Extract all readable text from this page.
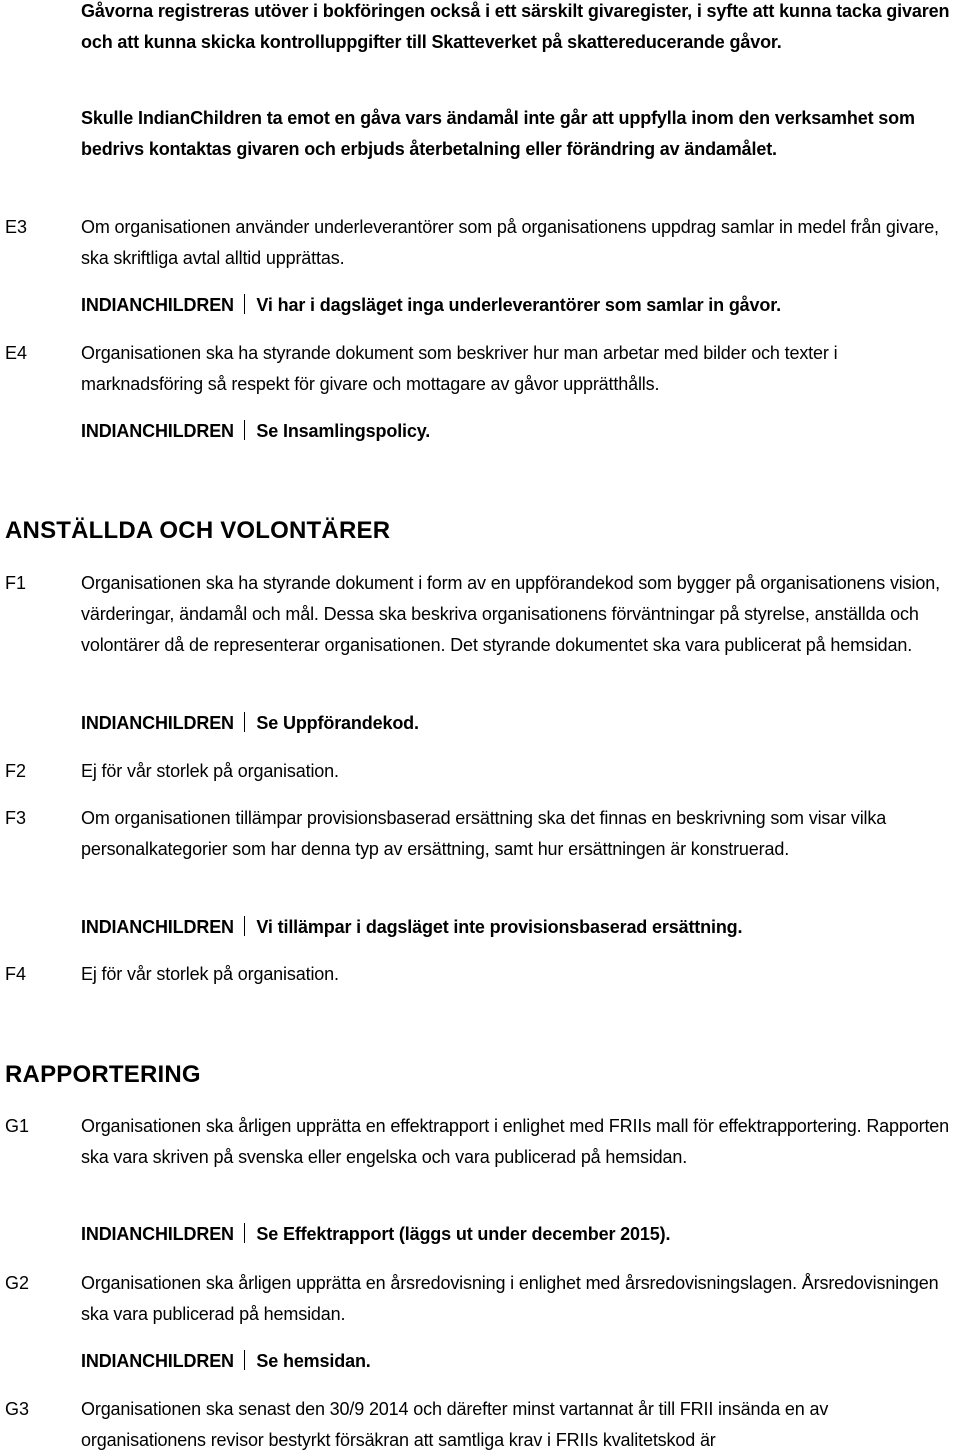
Gåvorna registreras utöver i bokföringen också i ett särskilt givaregister, i syfte att kunna tacka givaren och att kunna skicka kontrolluppgifter till Skatteverket på skattereducerande gåvor.

Skulle IndianChildren ta emot en gåva vars ändamål inte går att uppfylla inom den verksamhet som bedrivs kontaktas givaren och erbjuds återbetalning eller förändring av ändamålet.

E3	Om organisationen använder underleverantörer som på organisationens uppdrag samlar in medel från givare, ska skriftliga avtal alltid upprättas.

INDIANCHILDREN Vi har i dagsläget inga underleverantörer som samlar in gåvor.

E4	Organisationen ska ha styrande dokument som beskriver hur man arbetar med bilder och texter i marknadsföring så respekt för givare och mottagare av gåvor upprätthålls.

INDIANCHILDREN Se Insamlingspolicy.

ANSTÄLLDA OCH VOLONTÄRER

F1	Organisationen ska ha styrande dokument i form av en uppförandekod som bygger på organisationens vision, värderingar, ändamål och mål. Dessa ska beskriva organisationens förväntningar på styrelse, anställda och volontärer då de representerar organisationen. Det styrande dokumentet ska vara publicerat på hemsidan.

INDIANCHILDREN Se Uppförandekod.

F2	Ej för vår storlek på organisation.

F3	Om organisationen tillämpar provisionsbaserad ersättning ska det finnas en beskrivning som visar vilka personalkategorier som har denna typ av ersättning, samt hur ersättningen är konstruerad.

INDIANCHILDREN Vi tillämpar i dagsläget inte provisionsbaserad ersättning.

F4	Ej för vår storlek på organisation.

RAPPORTERING

G1	Organisationen ska årligen upprätta en effektrapport i enlighet med FRIIs mall för effektrapportering. Rapporten ska vara skriven på svenska eller engelska och vara publicerad på hemsidan.

INDIANCHILDREN Se Effektrapport (läggs ut under december 2015).

G2	Organisationen ska årligen upprätta en årsredovisning i enlighet med årsredovisningslagen. Årsredovisningen ska vara publicerad på hemsidan.

INDIANCHILDREN Se hemsidan.

G3	Organisationen ska senast den 30/9 2014 och därefter minst vartannat år till FRII insända en av organisationens revisor bestyrkt försäkran att samtliga krav i FRIIs kvalitetskod är
